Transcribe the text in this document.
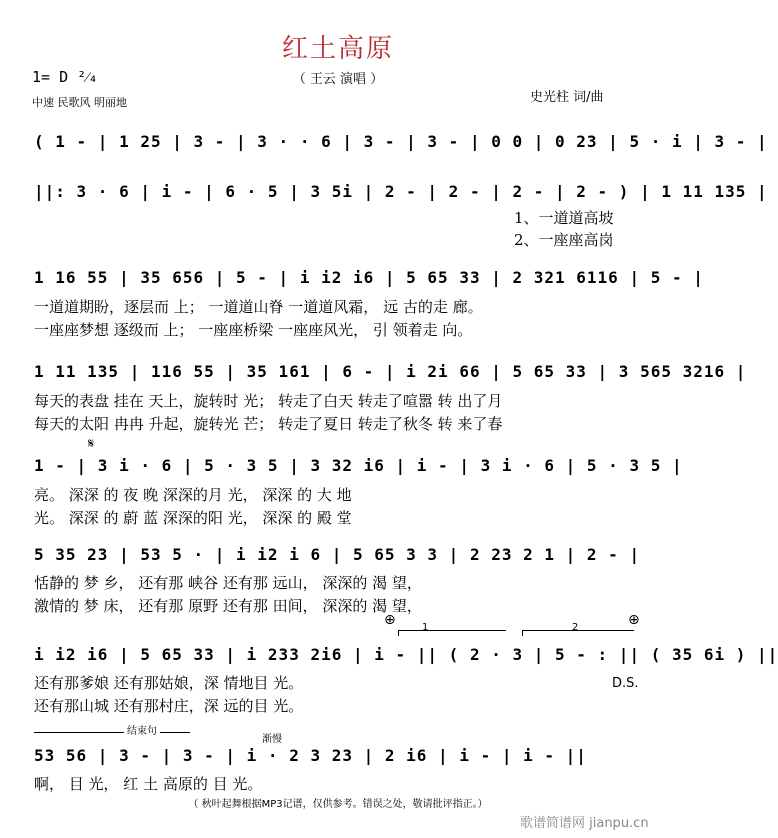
红土高原
（ 王云 演唱 ）
1= D ²⁄₄
中速 民歌风 明丽地	史光柱 词/曲
( 1 - | 1 25 | 3 - | 3 · · 6 | 3 - | 3 - | 0 0 | 0 23 | 5 · i | 3 - |
||: 3 · 6 | i - | 6 · 5 | 3 5i | 2 - | 2 - | 2 - | 2 - ) | 1 11 135 |
1、一道道高坡
2、一座座高岗
1 16 55 | 35 656 | 5 - | i i2 i6 | 5 65 33 | 2 321 6116 | 5 - |
一道道期盼，逐层而 上； 一道道山脊 一道道风霜， 远 古的走 廊。
一座座梦想 逐级而 上； 一座座桥梁 一座座风光， 引 领着走 向。
1 11 135 | 116 55 | 35 161 | 6 - | i 2i 66 | 5 65 33 | 3 565 3216 |
每天的表盘 挂在 天上，旋转时 光； 转走了白天 转走了喧嚣 转 出了月
每天的太阳 冉冉 升起，旋转光 芒； 转走了夏日 转走了秋冬 转 来了春
𝄋
1 - | 3 i · 6 | 5 · 3 5 | 3 32 i6 | i - | 3 i · 6 | 5 · 3 5 |
亮。 深深 的 夜 晚 深深的月 光， 深深 的 大 地
光。 深深 的 蔚 蓝 深深的阳 光， 深深 的 殿 堂
5 35 23 | 53 5 · | i i2 i 6 | 5 65 3 3 | 2 23 2 1 | 2 - |
恬静的 梦 乡， 还有那 峡谷 还有那 远山， 深深的 渴 望，
激情的 梦 床， 还有那 原野 还有那 田间， 深深的 渴 望，
⊕	⊕
1	2
i i2 i6 | 5 65 33 | i 233 2i6 | i - || ( 2 · 3 | 5 - : || ( 35 6i ) ||
还有那爹娘 还有那姑娘，深 情地目 光。
还有那山城 还有那村庄，深 远的目 光。
D.S.
结束句
渐慢
53 56 | 3 - | 3 - | i · 2 3 23 | 2 i6 | i - | i - ||
啊， 目 光， 红 土 高原的 目 光。
（ 秋叶起舞根据MP3记谱，仅供参考。错误之处，敬请批评指正。）
歌谱简谱网 jianpu.cn
